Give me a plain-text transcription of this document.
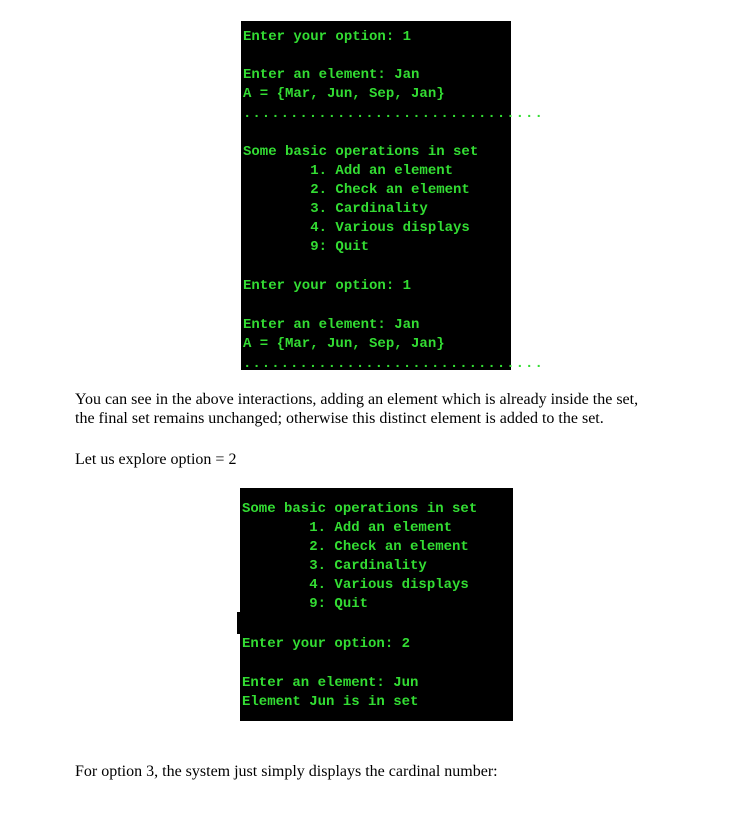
Enter your option: 1
Enter an element: Jan
A = {Mar, Jun, Sep, Jan}
................................
Some basic operations in set
1. Add an element
2. Check an element
3. Cardinality
4. Various displays
9: Quit
Enter your option: 1
Enter an element: Jan
A = {Mar, Jun, Sep, Jan}
................................
You can see in the above interactions, adding an element which is already inside the set,
the final set remains unchanged; otherwise this distinct element is added to the set.
Let us explore option = 2
Some basic operations in set
1. Add an element
2. Check an element
3. Cardinality
4. Various displays
9: Quit
Enter your option: 2
Enter an element: Jun
Element Jun is in set
For option 3, the system just simply displays the cardinal number:
